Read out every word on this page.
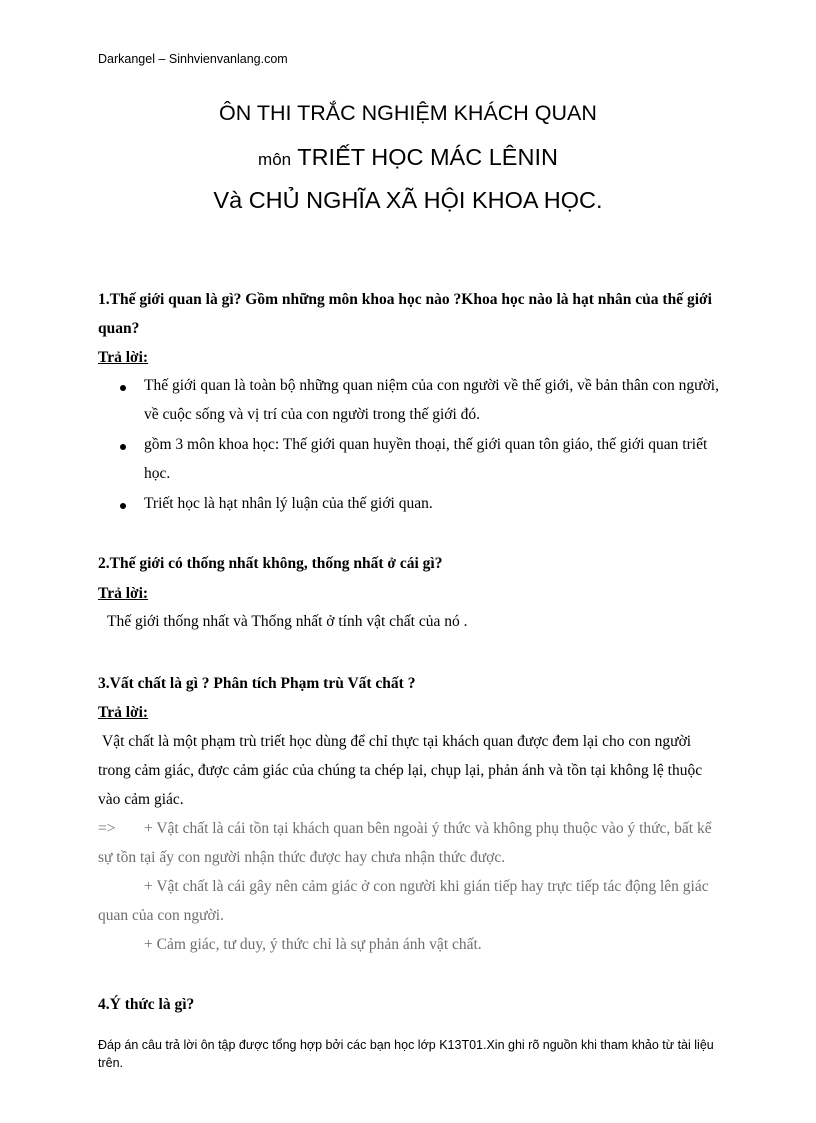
Darkangel – Sinhvienvanlang.com
ÔN THI TRẮC NGHIỆM KHÁCH QUAN
môn TRIẾT HỌC MÁC LÊNIN
Và CHỦ NGHĨA XÃ HỘI KHOA HỌC.
1.Thế giới quan là gì? Gồm những môn khoa học nào ?Khoa học nào là hạt nhân của thế giới
quan?
Trả lời:
Thế giới quan là toàn bộ những quan niệm của con người về thế giới, về bản thân con người,
về cuộc sống và vị trí của con người trong thế giới đó.
gồm 3 môn khoa học: Thế giới quan huyền thoại, thế giới quan tôn giáo, thế giới quan triết
học.
Triết học là hạt nhân lý luận của thế giới quan.
2.Thế giới có thống nhất không, thống nhất ở cái gì?
Trả lời:
Thế giới thống nhất và Thống nhất ở tính vật chất của nó .
3.Vất chất là gì ? Phân tích Phạm trù Vất chất ?
Trả lời:
Vật chất là một phạm trù triết học dùng để chỉ thực tại khách quan được đem lại cho con người
trong cảm giác, được cảm giác của chúng ta chép lại, chụp lại, phản ánh và tồn tại không lệ thuộc
vào cảm giác.
=> + Vật chất là cái tồn tại khách quan bên ngoài ý thức và không phụ thuộc vào ý thức, bất kể
sự tồn tại ấy con người nhận thức được hay chưa nhận thức được.
+ Vật chất là cái gây nên cảm giác ở con người khi gián tiếp hay trực tiếp tác động lên giác
quan của con người.
+ Cảm giác, tư duy, ý thức chỉ là sự phản ánh vật chất.
4.Ý thức là gì?
Đáp án câu trả lời ôn tập được tổng hợp bởi các bạn học lớp K13T01.Xin ghi rõ nguồn khi tham khảo từ tài liệu trên.
